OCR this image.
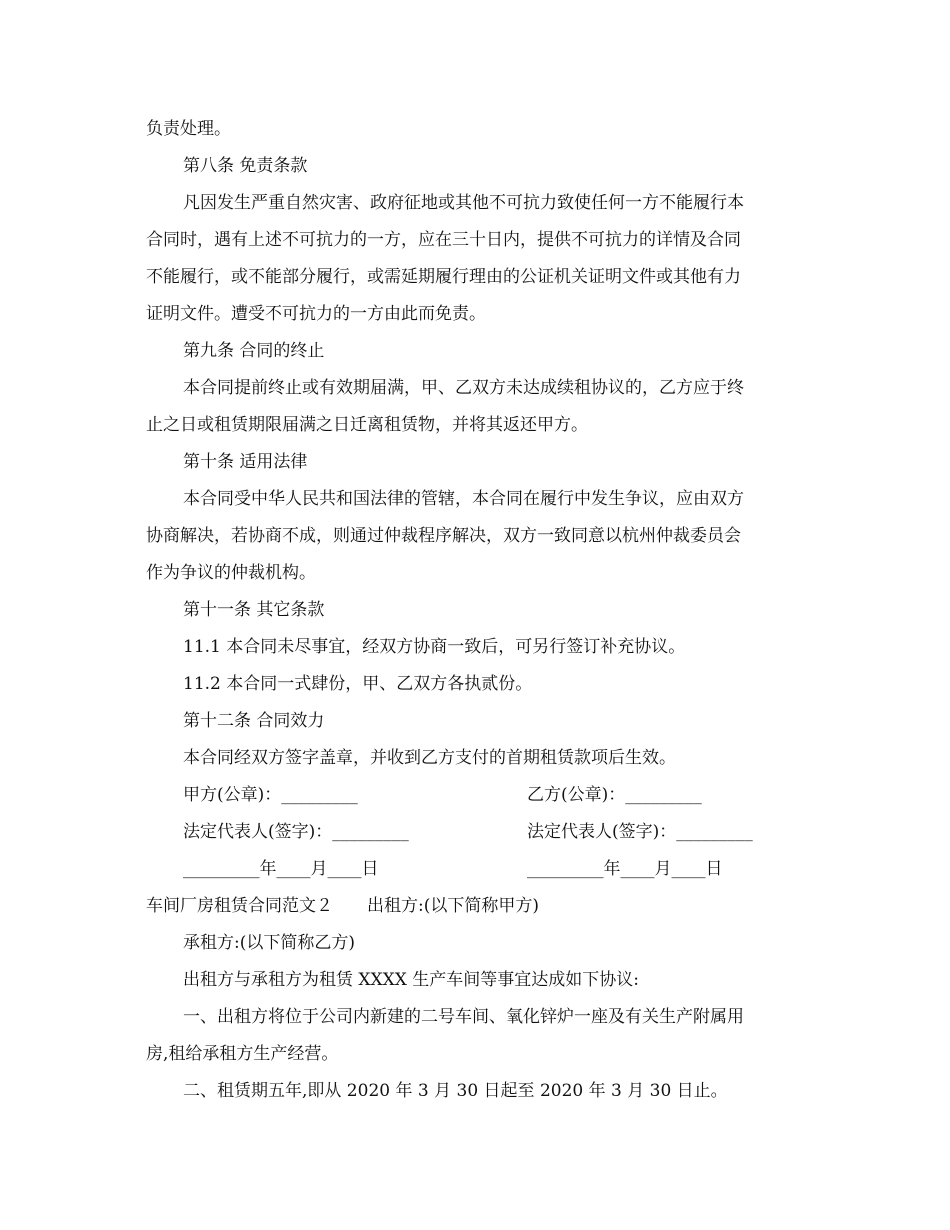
负责处理。
第八条 免责条款
凡因发生严重自然灾害、政府征地或其他不可抗力致使任何一方不能履行本
合同时，遇有上述不可抗力的一方，应在三十日内，提供不可抗力的详情及合同
不能履行，或不能部分履行，或需延期履行理由的公证机关证明文件或其他有力
证明文件。遭受不可抗力的一方由此而免责。
第九条 合同的终止
本合同提前终止或有效期届满，甲、乙双方未达成续租协议的，乙方应于终
止之日或租赁期限届满之日迁离租赁物，并将其返还甲方。
第十条 适用法律
本合同受中华人民共和国法律的管辖，本合同在履行中发生争议，应由双方
协商解决，若协商不成，则通过仲裁程序解决，双方一致同意以杭州仲裁委员会
作为争议的仲裁机构。
第十一条 其它条款
11.1 本合同未尽事宜，经双方协商一致后，可另行签订补充协议。
11.2 本合同一式肆份，甲、乙双方各执贰份。
第十二条 合同效力
本合同经双方签字盖章，并收到乙方支付的首期租赁款项后生效。
甲方(公章)：_________	乙方(公章)：_________
法定代表人(签字)：_________	法定代表人(签字)：_________
_________年____月____日	_________年____月____日
车间厂房租赁合同范文２　　出租方:(以下简称甲方)
承租方:(以下简称乙方)
出租方与承租方为租赁 XXXX 生产车间等事宜达成如下协议:
一、出租方将位于公司内新建的二号车间、氧化锌炉一座及有关生产附属用
房,租给承租方生产经营。
二、租赁期五年,即从 2020 年 3 月 30 日起至 2020 年 3 月 30 日止。
